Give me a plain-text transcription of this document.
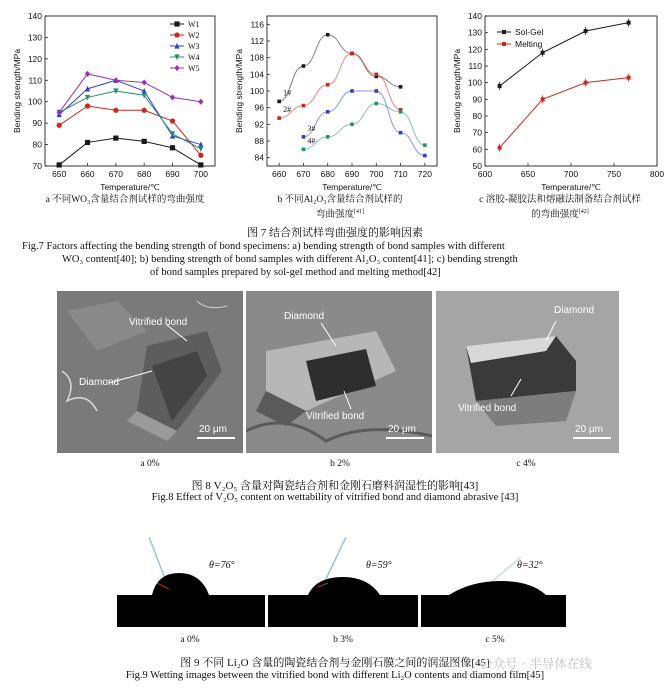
650 660 670 680 690 700
70
80
90
100
110
120
130
140
Temperature/℃
Bending strength/MPa
W1
W2
W3
W4
W5
660 670 680 690 700 710 720
84
88
92
96
100
104
108
112
116
Temperature/℃
Bending strength/MPa	1#
2#
3#
4#
600	650	700	750	800
50
60
70
80
90
100
110
120
130
140
Temperature/℃
Bending strength/MPa
Sol-Gel
Melting
a 不同WO₃含量结合剂试样的弯曲强度	b 不同Al₂O₃含量结合剂试样的
弯曲强度[41]
c 溶胶-凝胶法和熔融法制备结合剂试样
的弯曲强度[42]
图 7 结合剂试样弯曲强度的影响因素
Fig.7 Factors affecting the bending strength of bond specimens: a) bending strength of bond samples with different
WO₃ content[40]; b) bending strength of bond samples with different Al₂O₃ content[41]; c) bending strength
of bond samples prepared by sol-gel method and melting method[42]
Vitrified bond
Diamond
20 μm
Diamond
Vitrified bond
20 μm
Diamond
Vitrified bond
20 μm
a 0%	b 2%	c 4%
图 8 V₂O₅ 含量对陶瓷结合剂和金刚石磨料润湿性的影响[43]
Fig.8 Effect of V₂O₅ content on wettability of vitrified bond and diamond abrasive [43]
θ=76°	θ=59°	θ=32°
a 0%	b 3%	c 5%
图 9 不同 Li₂O 含量的陶瓷结合剂与金刚石膜之间的润湿图像[45]
Fig.9 Wetting images between the vitrified bond with different Li₂O contents and diamond film[45]
公众号 · 半导体在线
